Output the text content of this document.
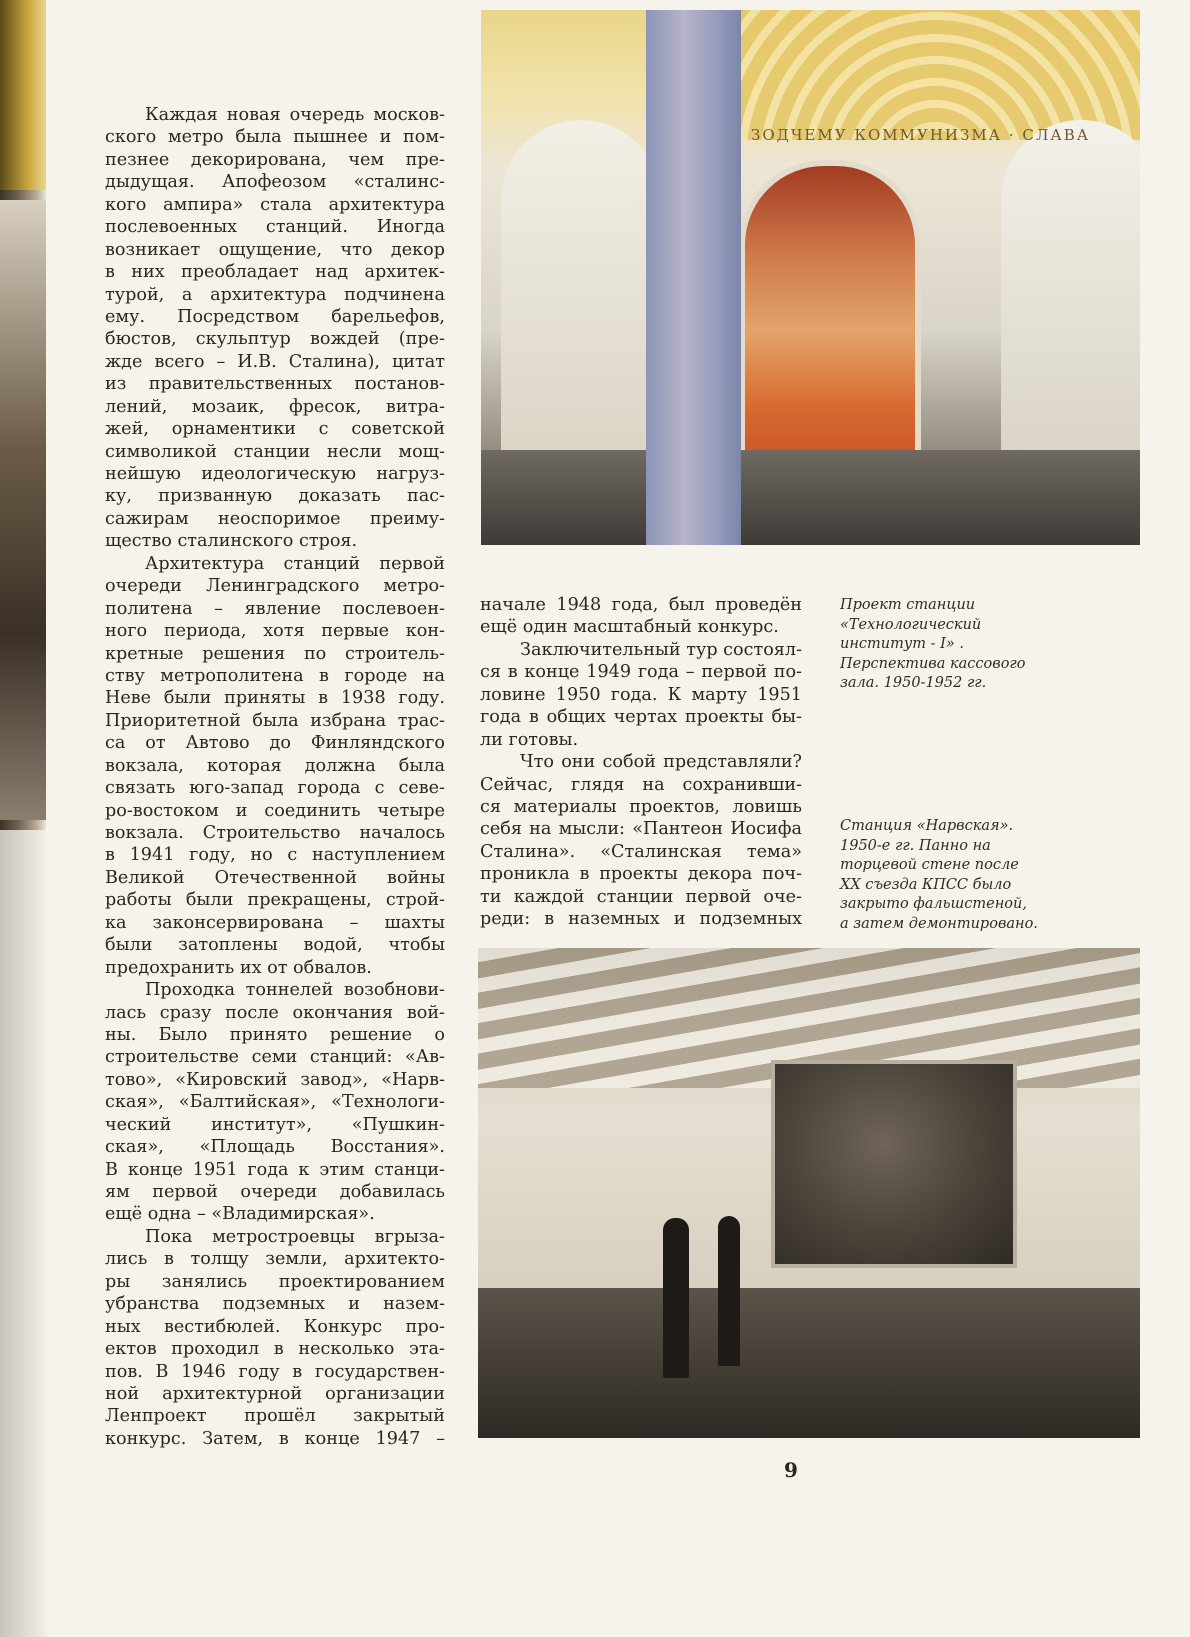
Каждая новая очередь москов-
ского метро была пышнее и пом-
пезнее декорирована, чем пре-
дыдущая. Апофеозом «сталинс-
кого ампира» стала архитектура
послевоенных станций. Иногда
возникает ощущение, что декор
в них преобладает над архитек-
турой, а архитектура подчинена
ему. Посредством барельефов,
бюстов, скульптур вождей (пре-
жде всего – И.В. Сталина), цитат
из правительственных постанов-
лений, мозаик, фресок, витра-
жей, орнаментики с советской
символикой станции несли мощ-
нейшую идеологическую нагруз-
ку, призванную доказать пас-
сажирам неоспоримое преиму-
щество сталинского строя.
Архитектура станций первой
очереди Ленинградского метро-
политена – явление послевоен-
ного периода, хотя первые кон-
кретные решения по строитель-
ству метрополитена в городе на
Неве были приняты в 1938 году.
Приоритетной была избрана трас-
са от Автово до Финляндского
вокзала, которая должна была
связать юго-запад города с севе-
ро-востоком и соединить четыре
вокзала. Строительство началось
в 1941 году, но с наступлением
Великой Отечественной войны
работы были прекращены, строй-
ка законсервирована – шахты
были затоплены водой, чтобы
предохранить их от обвалов.
Проходка тоннелей возобнови-
лась сразу после окончания вой-
ны. Было принято решение о
строительстве семи станций: «Ав-
тово», «Кировский завод», «Нарв-
ская», «Балтийская», «Технологи-
ческий институт», «Пушкин-
ская», «Площадь Восстания».
В конце 1951 года к этим станци-
ям первой очереди добавилась
ещё одна – «Владимирская».
Пока метростроевцы вгрыза-
лись в толщу земли, архитекто-
ры занялись проектированием
убранства подземных и назем-
ных вестибюлей. Конкурс про-
ектов проходил в несколько эта-
пов. В 1946 году в государствен-
ной архитектурной организации
Ленпроект прошёл закрытый
конкурс. Затем, в конце 1947 –
начале 1948 года, был проведён
ещё один масштабный конкурс.
Заключительный тур состоял-
ся в конце 1949 года – первой по-
ловине 1950 года. К марту 1951
года в общих чертах проекты бы-
ли готовы.
Что они собой представляли?
Сейчас, глядя на сохранивши-
ся материалы проектов, ловишь
себя на мысли: «Пантеон Иосифа
Сталина». «Сталинская тема»
проникла в проекты декора поч-
ти каждой станции первой оче-
реди: в наземных и подземных
ЗОДЧЕМУ КОММУНИЗМА · СЛАВА
Проект станции
«Технологический
институт - I» .
Перспектива кассового
зала. 1950-1952 гг.
Станция «Нарвская».
1950-е гг. Панно на
торцевой стене после
XX съезда КПСС было
закрыто фальшстеной,
а затем демонтировано.
9
